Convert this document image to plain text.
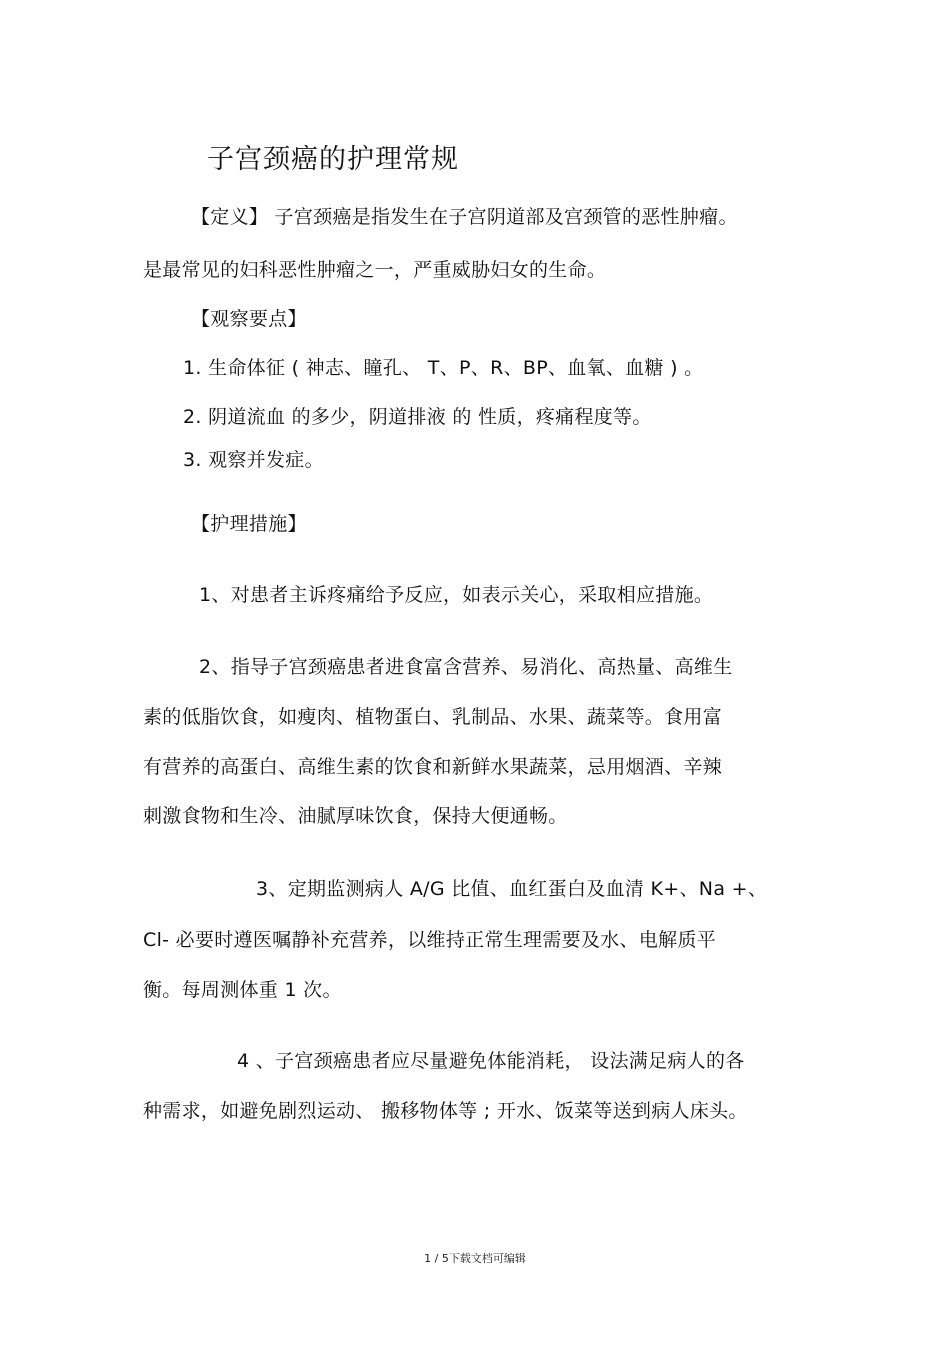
子宫颈癌的护理常规
【定义】 子宫颈癌是指发生在子宫阴道部及宫颈管的恶性肿瘤。
是最常见的妇科恶性肿瘤之一，严重威胁妇女的生命。
【观察要点】
1. 生命体征 ( 神志、瞳孔、 T、P、R、BP、血氧、血糖 ) 。
2. 阴道流血 的多少，阴道排液 的 性质，疼痛程度等。
3. 观察并发症。
【护理措施】
1、对患者主诉疼痛给予反应，如表示关心，采取相应措施。
2、指导子宫颈癌患者进食富含营养、易消化、高热量、高维生
素的低脂饮食，如瘦肉、植物蛋白、乳制品、水果、蔬菜等。食用富
有营养的高蛋白、高维生素的饮食和新鲜水果蔬菜，忌用烟酒、辛辣
刺激食物和生冷、油腻厚味饮食，保持大便通畅。
3、定期监测病人 A/G 比值、血红蛋白及血清 K+、Na +、
Cl- 必要时遵医嘱静补充营养，以维持正常生理需要及水、电解质平
衡。每周测体重 1 次。
4 、子宫颈癌患者应尽量避免体能消耗， 设法满足病人的各
种需求，如避免剧烈运动、 搬移物体等 ; 开水、饭菜等送到病人床头。
1 / 5下载文档可编辑
